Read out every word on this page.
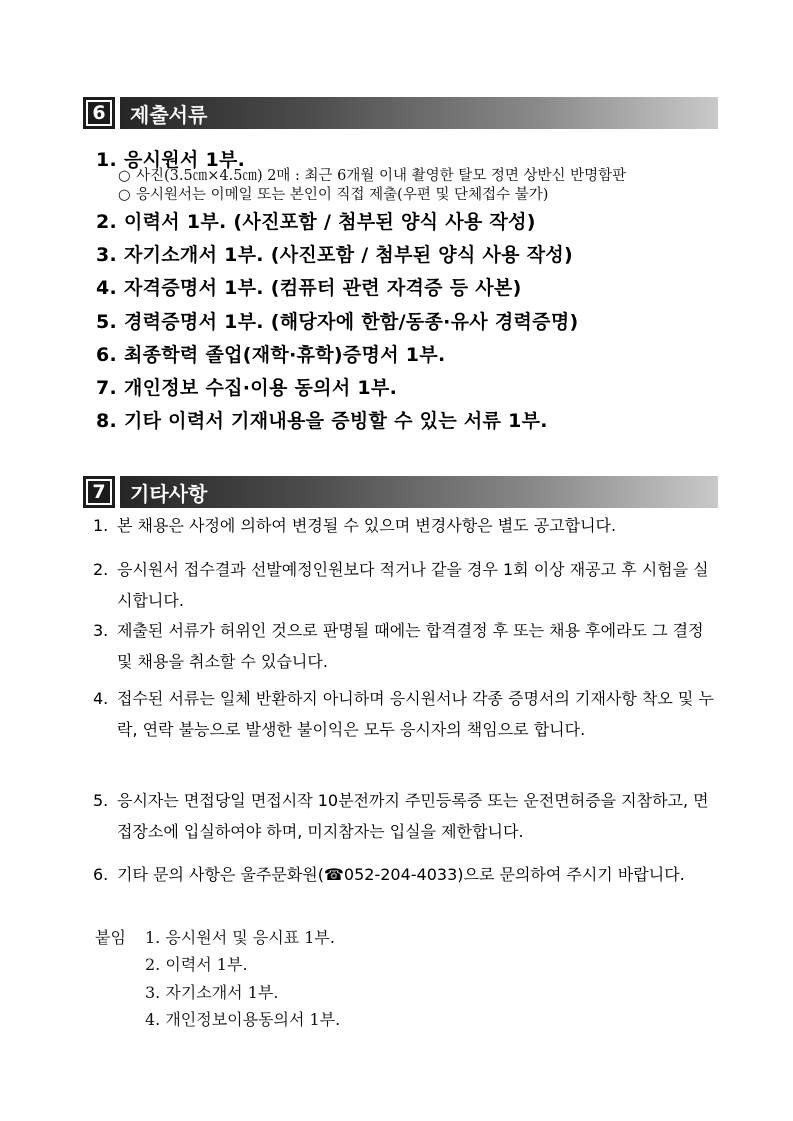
6	제출서류
1. 응시원서 1부.
○ 사진(3.5㎝×4.5㎝) 2매 : 최근 6개월 이내 촬영한 탈모 정면 상반신 반명함판
○ 응시원서는 이메일 또는 본인이 직접 제출(우편 및 단체접수 불가)
2. 이력서 1부. (사진포함 / 첨부된 양식 사용 작성)
3. 자기소개서 1부. (사진포함 / 첨부된 양식 사용 작성)
4. 자격증명서 1부. (컴퓨터 관련 자격증 등 사본)
5. 경력증명서 1부. (해당자에 한함/동종·유사 경력증명)
6. 최종학력 졸업(재학·휴학)증명서 1부.
7. 개인정보 수집·이용 동의서 1부.
8. 기타 이력서 기재내용을 증빙할 수 있는 서류 1부.
7	기타사항
1. 본 채용은 사정에 의하여 변경될 수 있으며 변경사항은 별도 공고합니다.
2. 응시원서 접수결과 선발예정인원보다 적거나 같을 경우 1회 이상 재공고 후 시험을 실시합니다.
3. 제출된 서류가 허위인 것으로 판명될 때에는 합격결정 후 또는 채용 후에라도 그 결정 및 채용을 취소할 수 있습니다.
4. 접수된 서류는 일체 반환하지 아니하며 응시원서나 각종 증명서의 기재사항 착오 및 누락, 연락 불능으로 발생한 불이익은 모두 응시자의 책임으로 합니다.
5. 응시자는 면접당일 면접시작 10분전까지 주민등록증 또는 운전면허증을 지참하고, 면접장소에 입실하여야 하며, 미지참자는 입실을 제한합니다.
6. 기타 문의 사항은 울주문화원(☎052-204-4033)으로 문의하여 주시기 바랍니다.
붙임 1. 응시원서 및 응시표 1부.
2. 이력서 1부.
3. 자기소개서 1부.
4. 개인정보이용동의서 1부.
